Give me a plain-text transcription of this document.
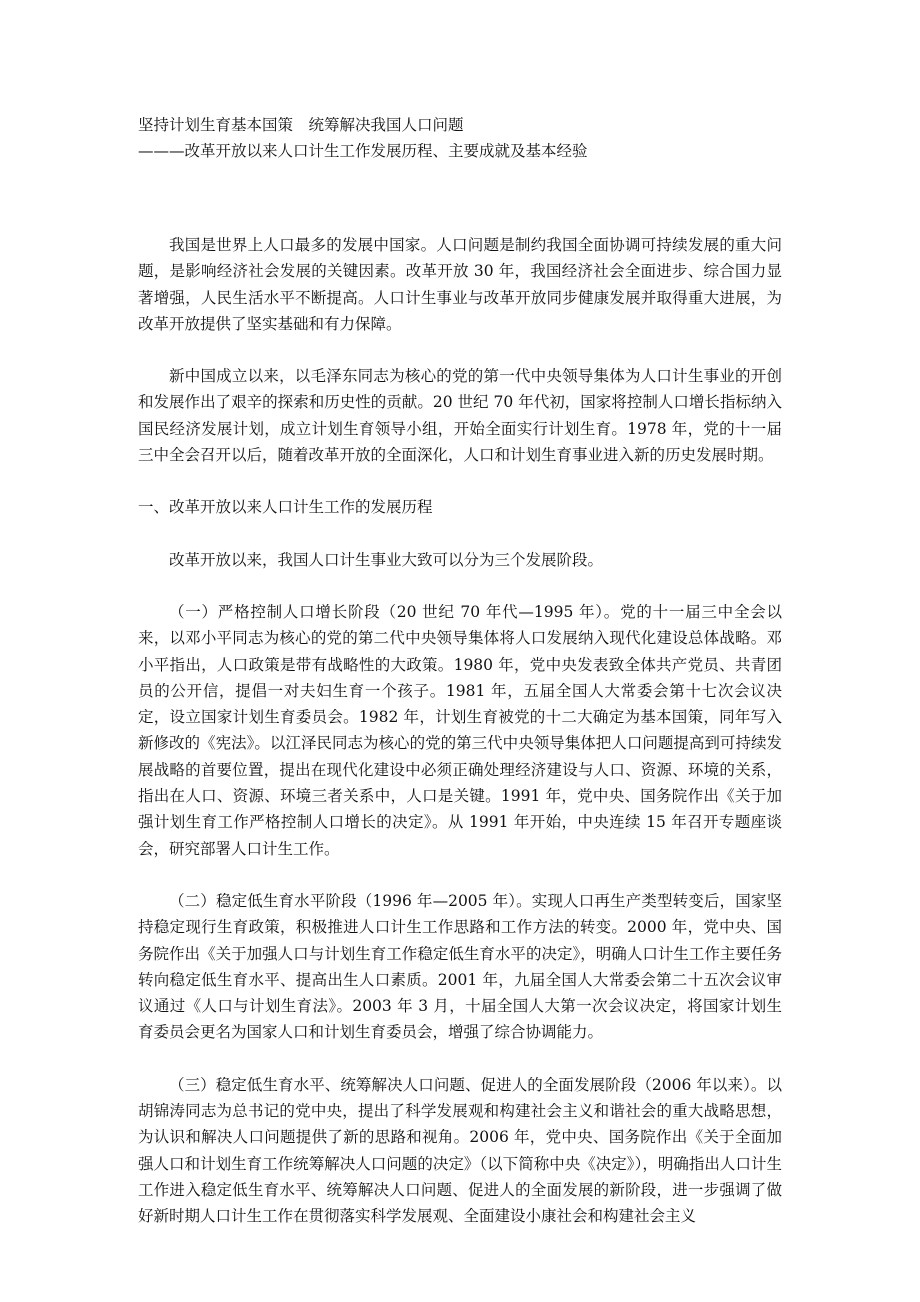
坚持计划生育基本国策　统筹解决我国人口问题
———改革开放以来人口计生工作发展历程、主要成就及基本经验

我国是世界上人口最多的发展中国家。人口问题是制约我国全面协调可持续发展的重大问题，是影响经济社会发展的关键因素。改革开放 30 年，我国经济社会全面进步、综合国力显著增强，人民生活水平不断提高。人口计生事业与改革开放同步健康发展并取得重大进展，为改革开放提供了坚实基础和有力保障。

新中国成立以来，以毛泽东同志为核心的党的第一代中央领导集体为人口计生事业的开创和发展作出了艰辛的探索和历史性的贡献。20 世纪 70 年代初，国家将控制人口增长指标纳入国民经济发展计划，成立计划生育领导小组，开始全面实行计划生育。1978 年，党的十一届三中全会召开以后，随着改革开放的全面深化，人口和计划生育事业进入新的历史发展时期。

一、改革开放以来人口计生工作的发展历程

改革开放以来，我国人口计生事业大致可以分为三个发展阶段。

（一）严格控制人口增长阶段（20 世纪 70 年代—1995 年）。党的十一届三中全会以来，以邓小平同志为核心的党的第二代中央领导集体将人口发展纳入现代化建设总体战略。邓小平指出，人口政策是带有战略性的大政策。1980 年，党中央发表致全体共产党员、共青团员的公开信，提倡一对夫妇生育一个孩子。1981 年，五届全国人大常委会第十七次会议决定，设立国家计划生育委员会。1982 年，计划生育被党的十二大确定为基本国策，同年写入新修改的《宪法》。以江泽民同志为核心的党的第三代中央领导集体把人口问题提高到可持续发展战略的首要位置，提出在现代化建设中必须正确处理经济建设与人口、资源、环境的关系，指出在人口、资源、环境三者关系中，人口是关键。1991 年，党中央、国务院作出《关于加强计划生育工作严格控制人口增长的决定》。从 1991 年开始，中央连续 15 年召开专题座谈会，研究部署人口计生工作。

（二）稳定低生育水平阶段（1996 年—2005 年）。实现人口再生产类型转变后，国家坚持稳定现行生育政策，积极推进人口计生工作思路和工作方法的转变。2000 年，党中央、国务院作出《关于加强人口与计划生育工作稳定低生育水平的决定》，明确人口计生工作主要任务转向稳定低生育水平、提高出生人口素质。2001 年，九届全国人大常委会第二十五次会议审议通过《人口与计划生育法》。2003 年 3 月，十届全国人大第一次会议决定，将国家计划生育委员会更名为国家人口和计划生育委员会，增强了综合协调能力。

（三）稳定低生育水平、统筹解决人口问题、促进人的全面发展阶段（2006 年以来）。以胡锦涛同志为总书记的党中央，提出了科学发展观和构建社会主义和谐社会的重大战略思想，为认识和解决人口问题提供了新的思路和视角。2006 年，党中央、国务院作出《关于全面加强人口和计划生育工作统筹解决人口问题的决定》（以下简称中央《决定》），明确指出人口计生工作进入稳定低生育水平、统筹解决人口问题、促进人的全面发展的新阶段，进一步强调了做好新时期人口计生工作在贯彻落实科学发展观、全面建设小康社会和构建社会主义
